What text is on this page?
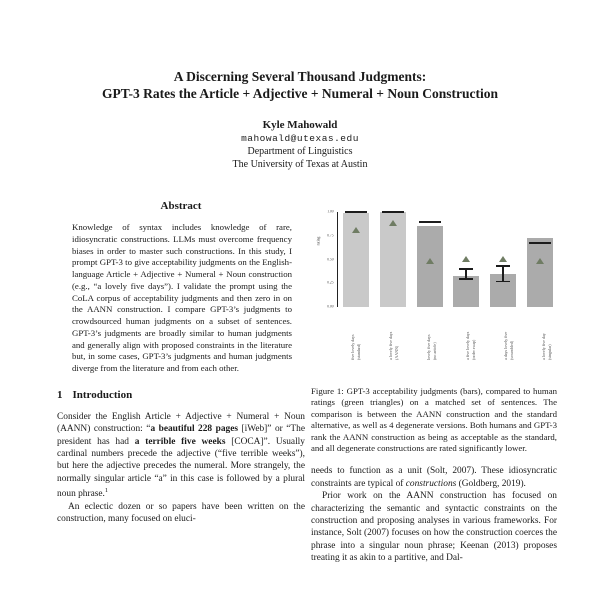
A Discerning Several Thousand Judgments:
GPT-3 Rates the Article + Adjective + Numeral + Noun Construction
Kyle Mahowald
mahowald@utexas.edu
Department of Linguistics
The University of Texas at Austin
Abstract
Knowledge of syntax includes knowledge of rare, idiosyncratic constructions. LLMs must overcome frequency biases in order to master such constructions. In this study, I prompt GPT-3 to give acceptability judgments on the English-language Article + Adjective + Numeral + Noun construction (e.g., “a lovely five days”). I validate the prompt using the CoLA corpus of acceptability judgments and then zero in on the AANN construction. I compare GPT-3’s judgments to crowdsourced human judgments on a subset of sentences. GPT-3’s judgments are broadly similar to human judgments and generally align with proposed constraints in the literature but, in some cases, GPT-3’s judgments and human judgments diverge from the literature and from each other.
1 Introduction

Consider the English Article + Adjective + Numeral + Noun (AANN) construction: “a beautiful 228 pages [iWeb]” or “The president has had a terrible five weeks [COCA]”. Usually cardinal numbers precede the adjective (“five terrible weeks”), but here the adjective precedes the numeral. More strangely, the normally singular article “a” in this case is followed by a plural noun phrase.$^1$

An eclectic dozen or so papers have been written on the construction, many focused on eluci-

rating
1.00
0.75
0.50
0.25
0.00
five lovely days (standard)	a lovely five days (AANN)	lovely five days (no article)	a five lovely days (order swap)	a days lovely five (scrambled)	a lovely five day (singular)
Figure 1: GPT-3 acceptability judgments (bars), compared to human ratings (green triangles) on a matched set of sentences. The comparison is between the AANN construction and the standard alternative, as well as 4 degenerate versions. Both humans and GPT-3 rank the AANN construction as being as acceptable as the standard, and all degenerate constructions are rated significantly lower.

needs to function as a unit (Solt, 2007). These idiosyncratic constraints are typical of constructions (Goldberg, 2019).

Prior work on the AANN construction has focused on characterizing the semantic and syntactic constraints on the construction and proposing analyses in various frameworks. For instance, Solt (2007) focuses on how the construction coerces the phrase into a singular noun phrase; Keenan (2013) proposes treating it as akin to a partitive, and Dal-
